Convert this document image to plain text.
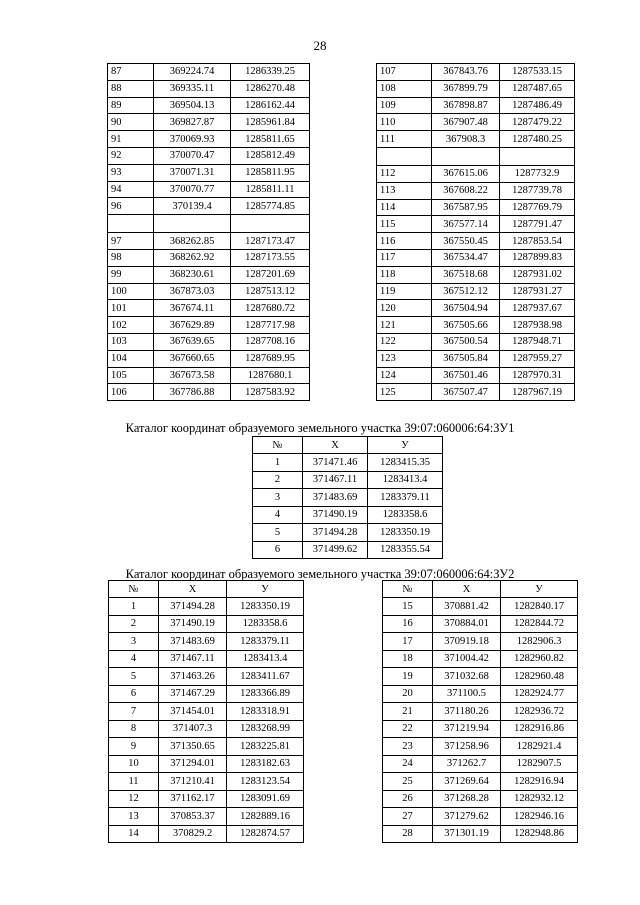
28
87	369224.74	1286339.25
88	369335.11	1286270.48
89	369504.13	1286162.44
90	369827.87	1285961.84
91	370069.93	1285811.65
92	370070.47	1285812.49
93	370071.31	1285811.95
94	370070.77	1285811.11
96	370139.4	1285774.85

97	368262.85	1287173.47
98	368262.92	1287173.55
99	368230.61	1287201.69
100	367873.03	1287513.12
101	367674.11	1287680.72
102	367629.89	1287717.98
103	367639.65	1287708.16
104	367660.65	1287689.95
105	367673.58	1287680.1
106	367786.88	1287583.92
107	367843.76	1287533.15
108	367899.79	1287487.65
109	367898.87	1287486.49
110	367907.48	1287479.22
111	367908.3	1287480.25

112	367615.06	1287732.9
113	367608.22	1287739.78
114	367587.95	1287769.79
115	367577.14	1287791.47
116	367550.45	1287853.54
117	367534.47	1287899.83
118	367518.68	1287931.02
119	367512.12	1287931.27
120	367504.94	1287937.67
121	367505.66	1287938.98
122	367500.54	1287948.71
123	367505.84	1287959.27
124	367501.46	1287970.31
125	367507.47	1287967.19
Каталог координат образуемого земельного участка 39:07:060006:64:ЗУ1
№	X	У
1	371471.46	1283415.35
2	371467.11	1283413.4
3	371483.69	1283379.11
4	371490.19	1283358.6
5	371494.28	1283350.19
6	371499.62	1283355.54
Каталог координат образуемого земельного участка 39:07:060006:64:ЗУ2
№	X	У
1	371494.28	1283350.19
2	371490.19	1283358.6
3	371483.69	1283379.11
4	371467.11	1283413.4
5	371463.26	1283411.67
6	371467.29	1283366.89
7	371454.01	1283318.91
8	371407.3	1283268.99
9	371350.65	1283225.81
10	371294.01	1283182.63
11	371210.41	1283123.54
12	371162.17	1283091.69
13	370853.37	1282889.16
14	370829.2	1282874.57
№	X	У
15	370881.42	1282840.17
16	370884.01	1282844.72
17	370919.18	1282906.3
18	371004.42	1282960.82
19	371032.68	1282960.48
20	371100.5	1282924.77
21	371180.26	1282936.72
22	371219.94	1282916.86
23	371258.96	1282921.4
24	371262.7	1282907.5
25	371269.64	1282916.94
26	371268.28	1282932.12
27	371279.62	1282946.16
28	371301.19	1282948.86
